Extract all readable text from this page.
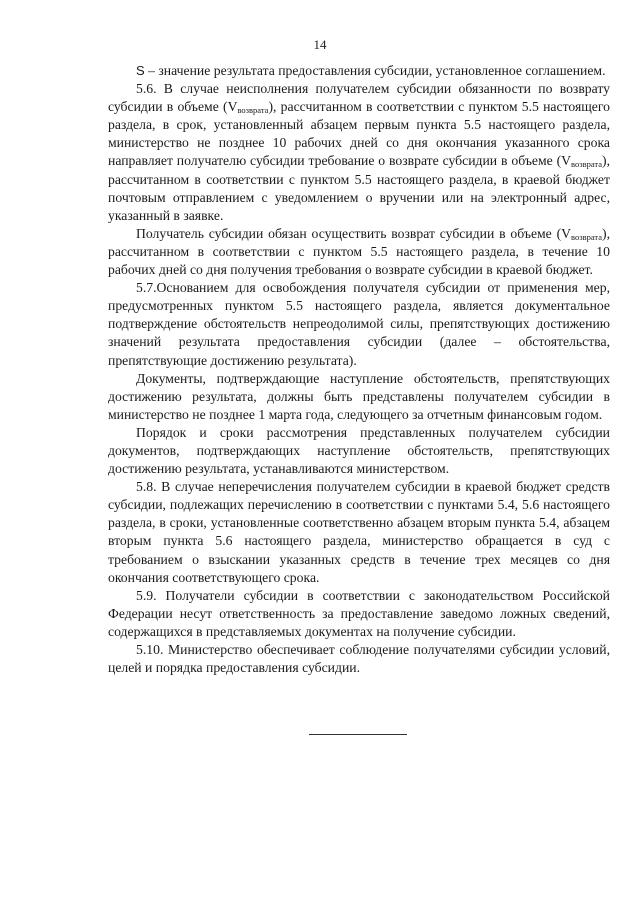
14

S – значение результата предоставления субсидии, установленное соглашением.

5.6. В случае неисполнения получателем субсидии обязанности по возврату субсидии в объеме $(V_{возврата})$, рассчитанном в соответствии с пунктом 5.5 настоящего раздела, в срок, установленный абзацем первым пункта 5.5 настоящего раздела, министерство не позднее 10 рабочих дней со дня окончания указанного срока направляет получателю субсидии требование о возврате субсидии в объеме $(V_{возврата})$, рассчитанном в соответствии с пунктом 5.5 настоящего раздела, в краевой бюджет почтовым отправлением с уведомлением о вручении или на электронный адрес, указанный в заявке.

Получатель субсидии обязан осуществить возврат субсидии в объеме $(V_{возврата})$, рассчитанном в соответствии с пунктом 5.5 настоящего раздела, в течение 10 рабочих дней со дня получения требования о возврате субсидии в краевой бюджет.

5.7.Основанием для освобождения получателя субсидии от применения мер, предусмотренных пунктом 5.5 настоящего раздела, является документальное подтверждение обстоятельств непреодолимой силы, препятствующих достижению значений результата предоставления субсидии (далее – обстоятельства, препятствующие достижению результата).

Документы, подтверждающие наступление обстоятельств, препятствующих достижению результата, должны быть представлены получателем субсидии в министерство не позднее 1 марта года, следующего за отчетным финансовым годом.

Порядок и сроки рассмотрения представленных получателем субсидии документов, подтверждающих наступление обстоятельств, препятствующих достижению результата, устанавливаются министерством.

5.8. В случае неперечисления получателем субсидии в краевой бюджет средств субсидии, подлежащих перечислению в соответствии с пунктами 5.4, 5.6 настоящего раздела, в сроки, установленные соответственно абзацем вторым пункта 5.4, абзацем вторым пункта 5.6 настоящего раздела, министерство обращается в суд с требованием о взыскании указанных средств в течение трех месяцев со дня окончания соответствующего срока.

5.9. Получатели субсидии в соответствии с законодательством Российской Федерации несут ответственность за предоставление заведомо ложных сведений, содержащихся в представляемых документах на получение субсидии.

5.10. Министерство обеспечивает соблюдение получателями субсидии условий, целей и порядка предоставления субсидии.
